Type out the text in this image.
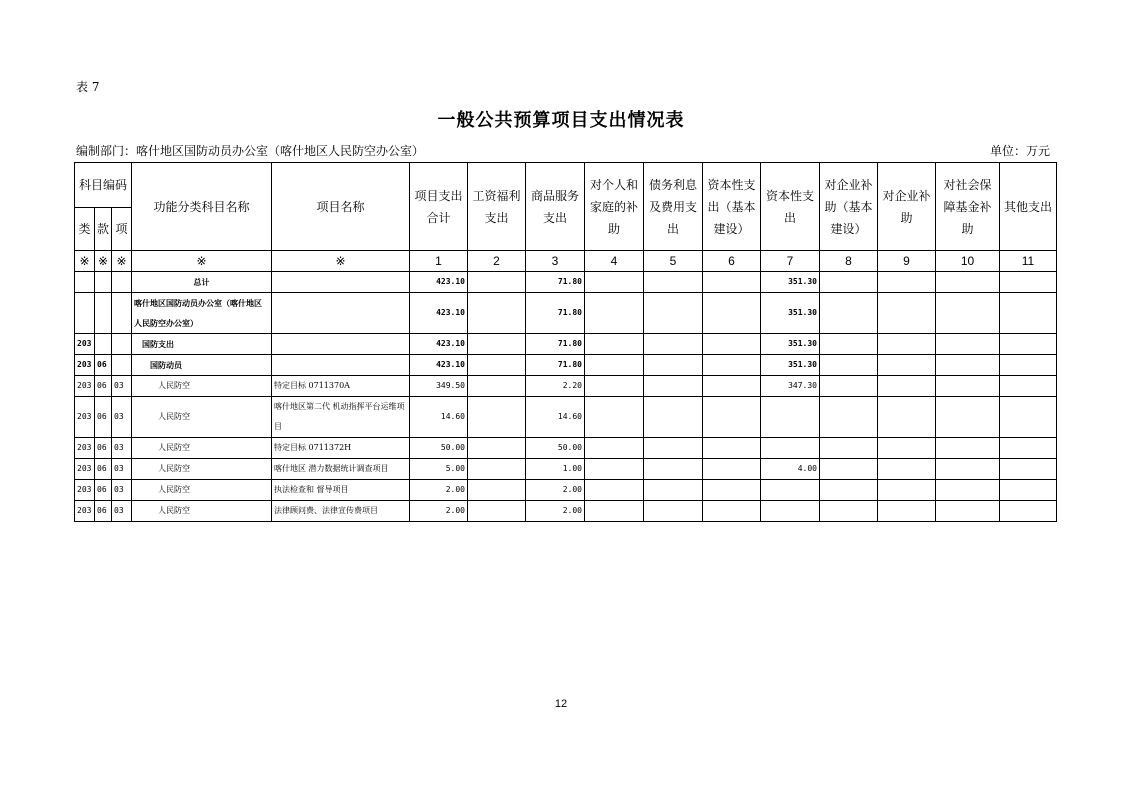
表 7
一般公共预算项目支出情况表
编制部门：喀什地区国防动员办公室（喀什地区人民防空办公室）	单位：万元
科目编码			功能分类科目名称	项目名称	项目支出合计	工资福利支出	商品服务支出	对个人和家庭的补助	债务利息及费用支出	资本性支出（基本建设）	资本性支出	对企业补助（基本建设）	对企业补助	对社会保障基金补助	其他支出
类	款	项													
※	※	※	※	※	1	2	3	4	5	6	7	8	9	10	11
			总计		423.10		71.80				351.30				
			喀什地区国防动员办公室（喀什地区人民防空办公室）		423.10		71.80				351.30				
203			国防支出		423.10		71.80				351.30				
203	06		国防动员		423.10		71.80				351.30				
203	06	03	人民防空	特定目标 0711370A	349.50		2.20				347.30				
203	06	03	人民防空	喀什地区第二代 机动指挥平台运维项目	14.60		14.60								
203	06	03	人民防空	特定目标 0711372H	50.00		50.00								
203	06	03	人民防空	喀什地区 潜力数据统计调查项目	5.00		1.00				4.00				
203	06	03	人民防空	执法检查和 督导项目	2.00		2.00								
203	06	03	人民防空	法律顾问费、法律宣传费项目	2.00		2.00								
12
